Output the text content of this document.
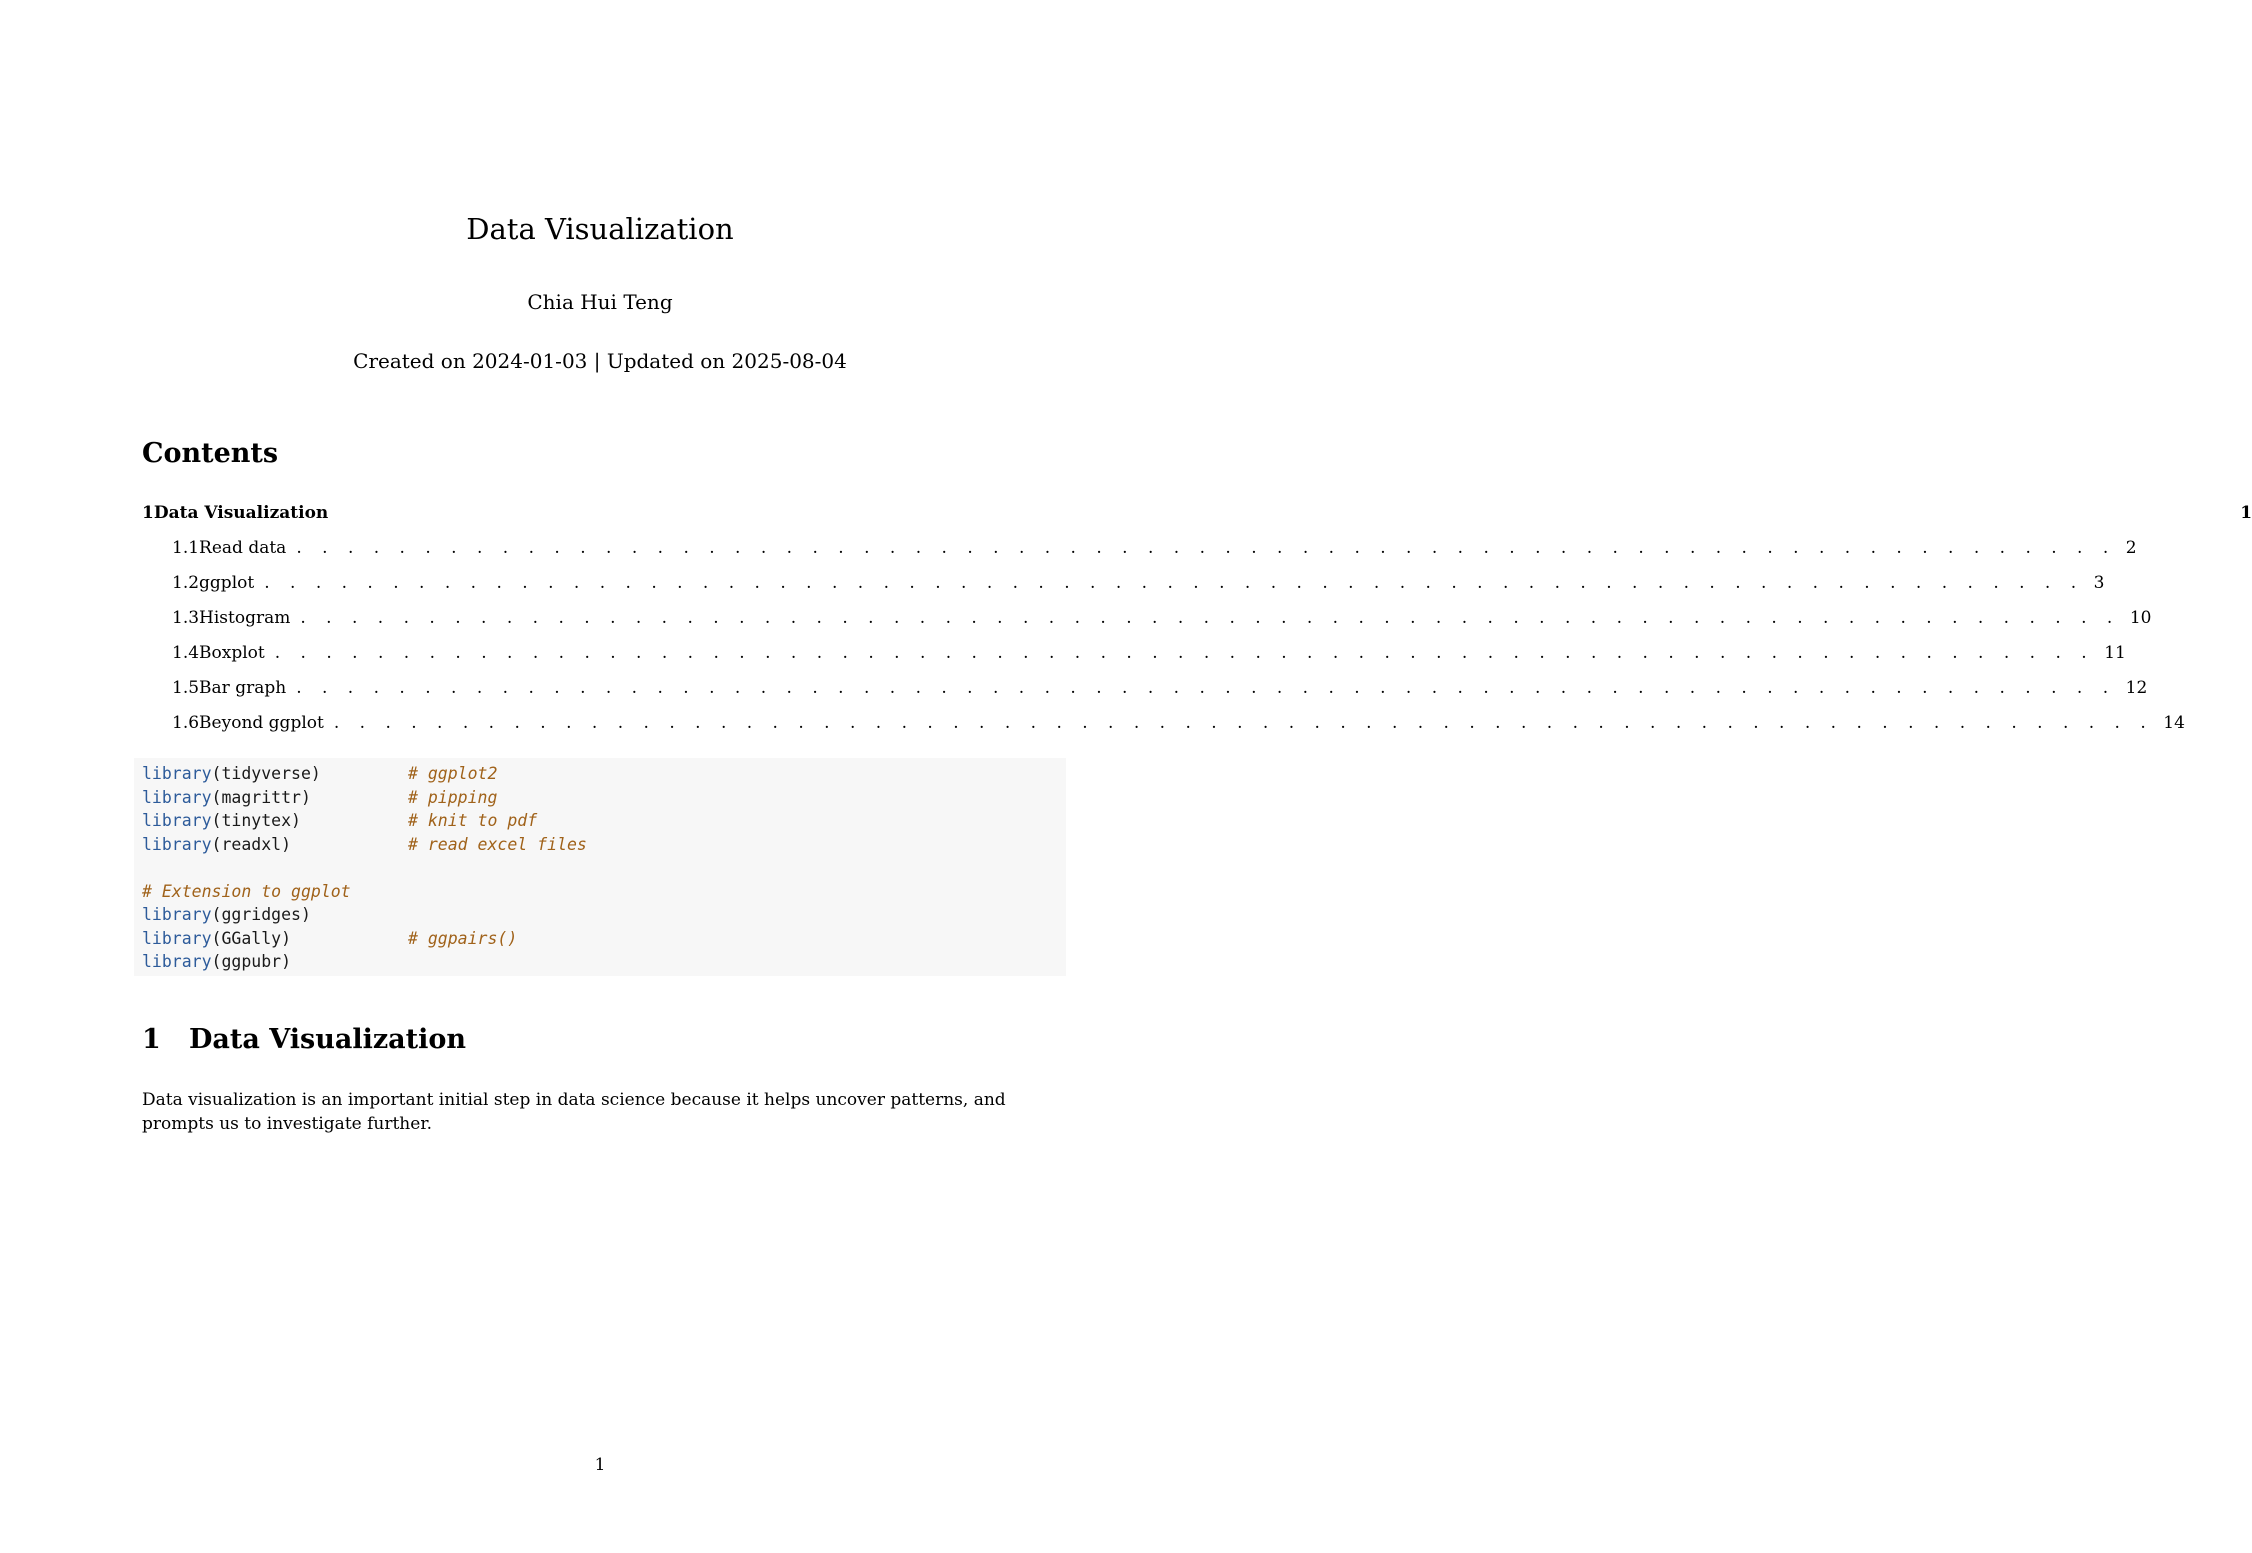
Data Visualization
Chia Hui Teng
Created on 2024-01-03 | Updated on 2025-08-04
Contents
1 Data Visualization	1
1.1 Read data . . . . . . . . . . . . . . . . . . . . . . . . . . . . . . . . . . . . . . . . . . . . . . . . . . . . . . . . . . . . . . . . . . . . . . . 2
1.2 ggplot . . . . . . . . . . . . . . . . . . . . . . . . . . . . . . . . . . . . . . . . . . . . . . . . . . . . . . . . . . . . . . . . . . . . . . . 3
1.3 Histogram . . . . . . . . . . . . . . . . . . . . . . . . . . . . . . . . . . . . . . . . . . . . . . . . . . . . . . . . . . . . . . . . . . . . . . . 10
1.4 Boxplot . . . . . . . . . . . . . . . . . . . . . . . . . . . . . . . . . . . . . . . . . . . . . . . . . . . . . . . . . . . . . . . . . . . . . . . 11
1.5 Bar graph . . . . . . . . . . . . . . . . . . . . . . . . . . . . . . . . . . . . . . . . . . . . . . . . . . . . . . . . . . . . . . . . . . . . . . . 12
1.6 Beyond ggplot . . . . . . . . . . . . . . . . . . . . . . . . . . . . . . . . . . . . . . . . . . . . . . . . . . . . . . . . . . . . . . . . . . . . . . . 14
library(tidyverse)	# ggplot2
library(magrittr)	# pipping
library(tinytex)	# knit to pdf
library(readxl)	# read excel files
# Extension to ggplot
library(ggridges)
library(GGally)	# ggpairs()
library(ggpubr)
1 Data Visualization
Data visualization is an important initial step in data science because it helps uncover patterns, and prompts us to investigate further.
1
